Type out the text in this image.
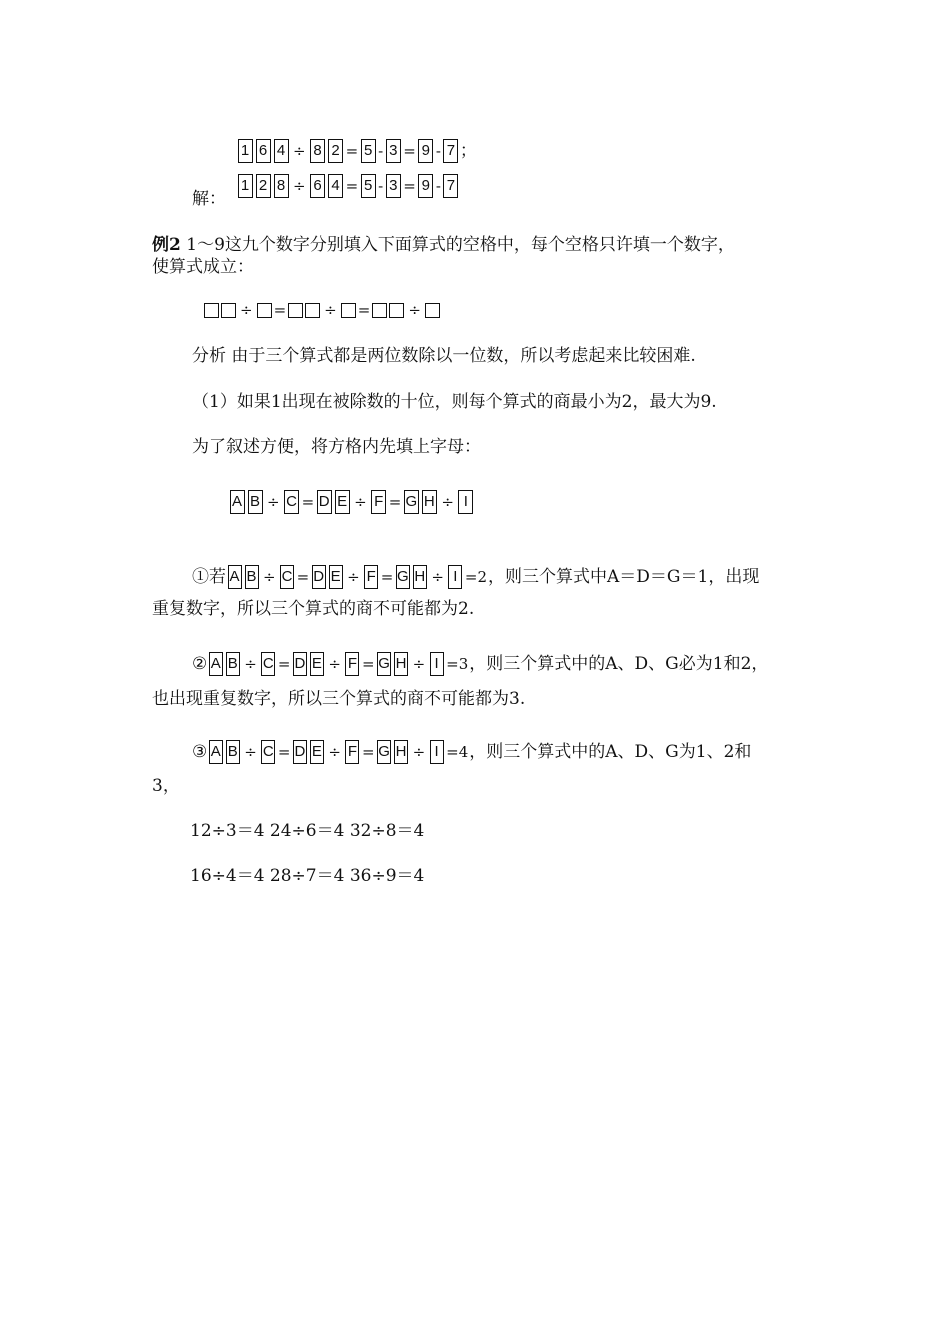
1 6 4 ÷ 8 2 = 5 - 3 = 9 - 7 ；
解：
1 2 8 ÷ 6 4 = 5 - 3 = 9 - 7
例2 1～9这九个数字分别填入下面算式的空格中，每个空格只许填一个数字，
使算式成立：
÷ =	÷ =	÷
分析 由于三个算式都是两位数除以一位数，所以考虑起来比较困难.
（1）如果1出现在被除数的十位，则每个算式的商最小为2，最大为9.
为了叙述方便，将方格内先填上字母：
A B ÷ C = D E ÷ F = G H ÷ I
①若 A B ÷ C = D E ÷ F = G H ÷ I =2 ，则三个算式中A＝D＝G＝1，出现
重复数字，所以三个算式的商不可能都为2.
② A B ÷ C = D E ÷ F = G H ÷ I =3 ，则三个算式中的A、D、G必为1和2，
也出现重复数字，所以三个算式的商不可能都为3.
③ A B ÷ C = D E ÷ F = G H ÷ I =4 ，则三个算式中的A、D、G为1、2和
3，
12÷3＝4 24÷6＝4 32÷8＝4
16÷4＝4 28÷7＝4 36÷9＝4
